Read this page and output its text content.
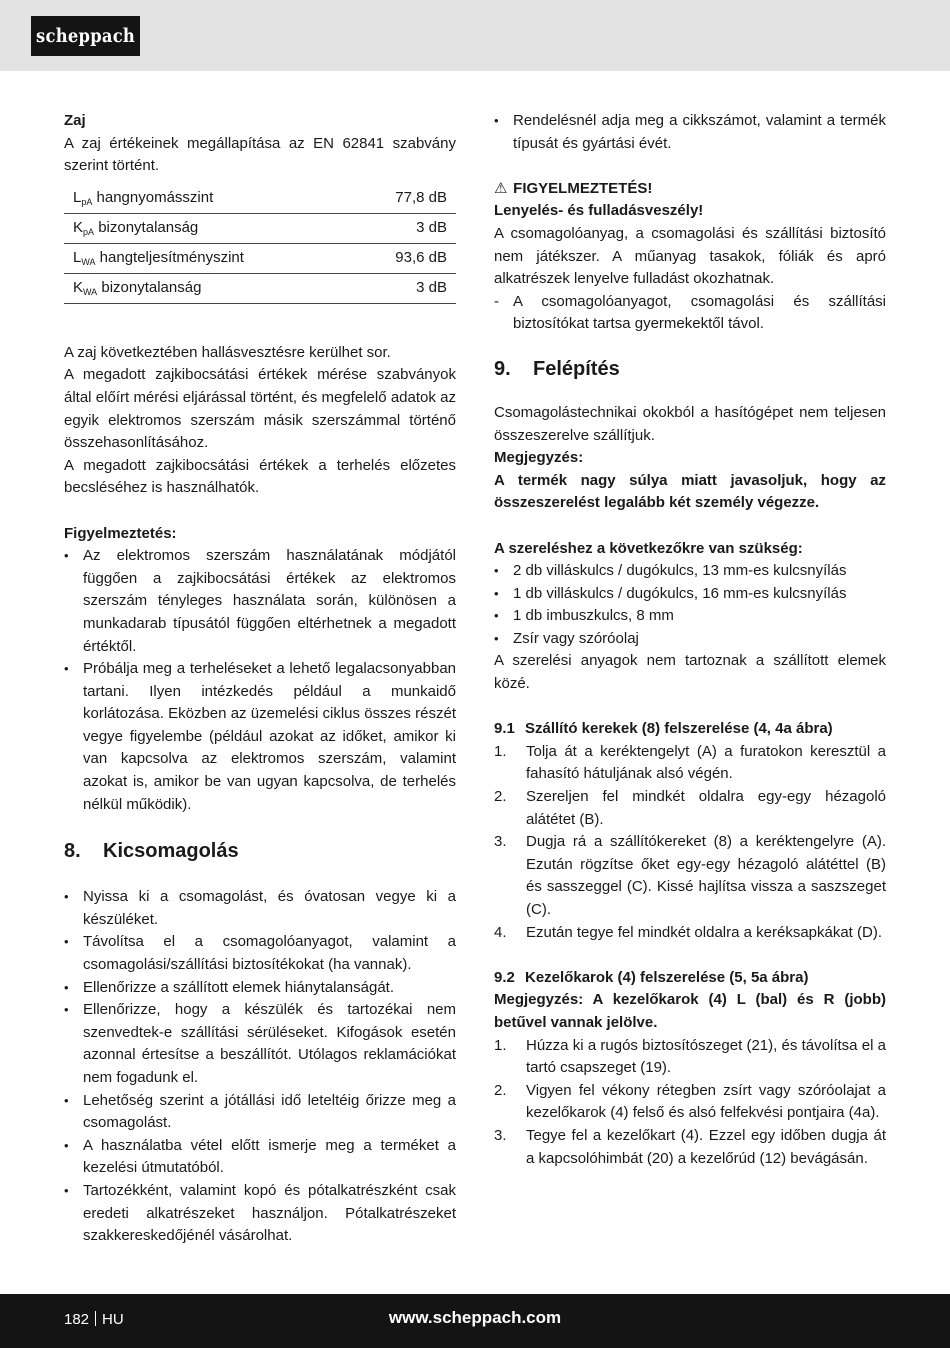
scheppach

Zaj

A zaj értékeinek megállapítása az EN 62841 szabvány szerint történt.

$L_{pA}$ hangnyomásszint	77,8 dB
$K_{pA}$ bizonytalanság	3 dB
$L_{WA}$ hangteljesítményszint	93,6 dB
$K_{WA}$ bizonytalanság	3 dB

A zaj következtében hallásvesztésre kerülhet sor.

A megadott zajkibocsátási értékek mérése szabványok által előírt mérési eljárással történt, és megfelelő adatok az egyik elektromos szerszám másik szerszámmal történő összehasonlításához.

A megadott zajkibocsátási értékek a terhelés előzetes becsléséhez is használhatók.

Figyelmeztetés:

• Az elektromos szerszám használatának módjától függően a zajkibocsátási értékek az elektromos szerszám tényleges használata során, különösen a munkadarab típusától függően eltérhetnek a megadott értéktől.
• Próbálja meg a terheléseket a lehető legalacsonyabban tartani. Ilyen intézkedés például a munkaidő korlátozása. Eközben az üzemelési ciklus összes részét vegye figyelembe (például azokat az időket, amikor ki van kapcsolva az elektromos szerszám, valamint azokat is, amikor be van ugyan kapcsolva, de terhelés nélkül működik).
8.	Kicsomagolás
• Nyissa ki a csomagolást, és óvatosan vegye ki a készüléket.
• Távolítsa el a csomagolóanyagot, valamint a csomagolási/szállítási biztosítékokat (ha vannak).
• Ellenőrizze a szállított elemek hiánytalanságát.
• Ellenőrizze, hogy a készülék és tartozékai nem szenvedtek-e szállítási sérüléseket. Kifogások esetén azonnal értesítse a beszállítót. Utólagos reklamációkat nem fogadunk el.
• Lehetőség szerint a jótállási idő leteltéig őrizze meg a csomagolást.
• A használatba vétel előtt ismerje meg a terméket a kezelési útmutatóból.
• Tartozékként, valamint kopó és pótalkatrészként csak eredeti alkatrészeket használjon. Pótalkatrészeket szakkereskedőjénél vásárolhat.
• Rendelésnél adja meg a cikkszámot, valamint a termék típusát és gyártási évét.

⚠ FIGYELMEZTETÉS!

Lenyelés- és fulladásveszély!

A csomagolóanyag, a csomagolási és szállítási biztosító nem játékszer. A műanyag tasakok, fóliák és apró alkatrészek lenyelve fulladást okozhatnak.

- A csomagolóanyagot, csomagolási és szállítási biztosítókat tartsa gyermekektől távol.
9.	Felépítés

Csomagolástechnikai okokból a hasítógépet nem teljesen összeszerelve szállítjuk.

Megjegyzés:

A termék nagy súlya miatt javasoljuk, hogy az összeszerelést legalább két személy végezze.

A szereléshez a következőkre van szükség:

• 2 db villáskulcs / dugókulcs, 13 mm-es kulcsnyílás
• 1 db villáskulcs / dugókulcs, 16 mm-es kulcsnyílás
• 1 db imbuszkulcs, 8 mm
• Zsír vagy szóróolaj

A szerelési anyagok nem tartoznak a szállított elemek közé.

9.1 Szállító kerekek (8) felszerelése (4, 4a ábra)
1. Tolja át a keréktengelyt (A) a furatokon keresztül a fahasító hátuljának alsó végén.
2. Szereljen fel mindkét oldalra egy-egy hézagoló alátétet (B).
3. Dugja rá a szállítókereket (8) a keréktengelyre (A). Ezután rögzítse őket egy-egy hézagoló alátéttel (B) és sasszeggel (C). Kissé hajlítsa vissza a saszszeget (C).
4. Ezután tegye fel mindkét oldalra a keréksapkákat (D).
9.2 Kezelőkarok (4) felszerelése (5, 5a ábra)

Megjegyzés: A kezelőkarok (4) L (bal) és R (jobb) betűvel vannak jelölve.

1. Húzza ki a rugós biztosítószeget (21), és távolítsa el a tartó csapszeget (19).
2. Vigyen fel vékony rétegben zsírt vagy szóróolajat a kezelőkarok (4) felső és alsó felfekvési pontjaira (4a).
3. Tegye fel a kezelőkart (4). Ezzel egy időben dugja át a kapcsolóhimbát (20) a kezelőrúd (12) bevágásán.
182 HU	www.scheppach.com
